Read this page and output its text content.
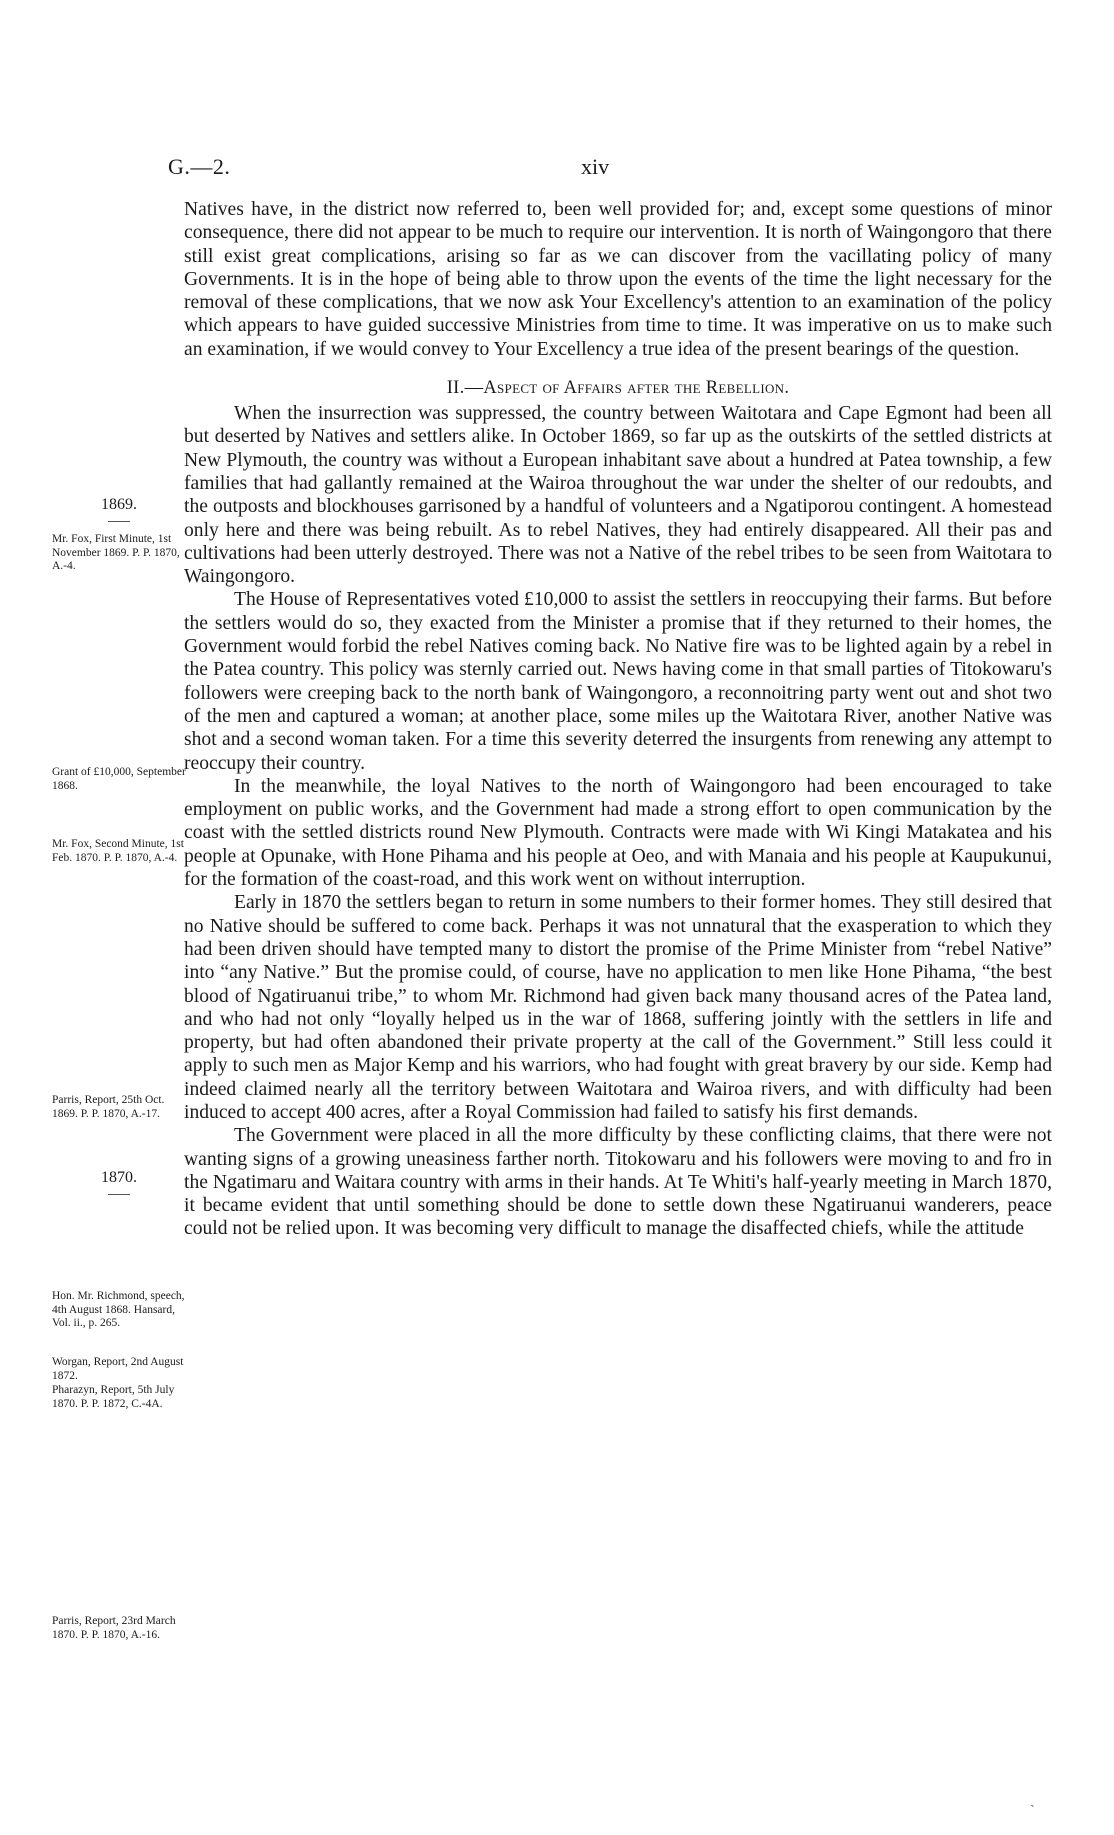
G.—2.	xiv

Natives have, in the district now referred to, been well provided for; and, except some questions of minor consequence, there did not appear to be much to require our intervention. It is north of Waingongoro that there still exist great complications, arising so far as we can discover from the vacillating policy of many Governments. It is in the hope of being able to throw upon the events of the time the light necessary for the removal of these complications, that we now ask Your Excellency's attention to an examination of the policy which appears to have guided successive Ministries from time to time. It was imperative on us to make such an examination, if we would convey to Your Excellency a true idea of the present bearings of the question.

II.—Aspect of Affairs after the Rebellion.

When the insurrection was suppressed, the country between Waitotara and Cape Egmont had been all but deserted by Natives and settlers alike. In October 1869, so far up as the outskirts of the settled districts at New Plymouth, the country was without a European inhabitant save about a hundred at Patea township, a few families that had gallantly remained at the Wairoa throughout the war under the shelter of our redoubts, and the outposts and blockhouses garrisoned by a handful of volunteers and a Ngatiporou contingent. A homestead only here and there was being rebuilt. As to rebel Natives, they had entirely disappeared. All their pas and cultivations had been utterly destroyed. There was not a Native of the rebel tribes to be seen from Waitotara to Waingongoro.

The House of Representatives voted £10,000 to assist the settlers in reoccupying their farms. But before the settlers would do so, they exacted from the Minister a promise that if they returned to their homes, the Government would forbid the rebel Natives coming back. No Native fire was to be lighted again by a rebel in the Patea country. This policy was sternly carried out. News having come in that small parties of Titokowaru's followers were creeping back to the north bank of Waingongoro, a reconnoitring party went out and shot two of the men and captured a woman; at another place, some miles up the Waitotara River, another Native was shot and a second woman taken. For a time this severity deterred the insurgents from renewing any attempt to reoccupy their country.

In the meanwhile, the loyal Natives to the north of Waingongoro had been encouraged to take employment on public works, and the Government had made a strong effort to open communication by the coast with the settled districts round New Plymouth. Contracts were made with Wi Kingi Matakatea and his people at Opunake, with Hone Pihama and his people at Oeo, and with Manaia and his people at Kaupukunui, for the formation of the coast-road, and this work went on without interruption.

Early in 1870 the settlers began to return in some numbers to their former homes. They still desired that no Native should be suffered to come back. Perhaps it was not unnatural that the exasperation to which they had been driven should have tempted many to distort the promise of the Prime Minister from “rebel Native” into “any Native.” But the promise could, of course, have no application to men like Hone Pihama, “the best blood of Ngatiruanui tribe,” to whom Mr. Richmond had given back many thousand acres of the Patea land, and who had not only “loyally helped us in the war of 1868, suffering jointly with the settlers in life and property, but had often abandoned their private property at the call of the Government.” Still less could it apply to such men as Major Kemp and his warriors, who had fought with great bravery by our side. Kemp had indeed claimed nearly all the territory between Waitotara and Wairoa rivers, and with difficulty had been induced to accept 400 acres, after a Royal Commission had failed to satisfy his first demands.

The Government were placed in all the more difficulty by these conflicting claims, that there were not wanting signs of a growing uneasiness farther north. Titokowaru and his followers were moving to and fro in the Ngatimaru and Waitara country with arms in their hands. At Te Whiti's half-yearly meeting in March 1870, it became evident that until something should be done to settle down these Ngatiruanui wanderers, peace could not be relied upon. It was becoming very difficult to manage the disaffected chiefs, while the attitude

1869.
Mr. Fox, First Minute, 1st November 1869. P. P. 1870, A.-4.
Grant of £10,000, September 1868.
Mr. Fox, Second Minute, 1st Feb. 1870. P. P. 1870, A.-4.
Parris, Report, 25th Oct. 1869. P. P. 1870, A.-17.
1870.
Hon. Mr. Richmond, speech, 4th August 1868. Hansard, Vol. ii., p. 265.
Worgan, Report, 2nd August 1872.
Pharazyn, Report, 5th July 1870. P. P. 1872, C.-4A.
Parris, Report, 23rd March 1870. P. P. 1870, A.-16.
ˏ
